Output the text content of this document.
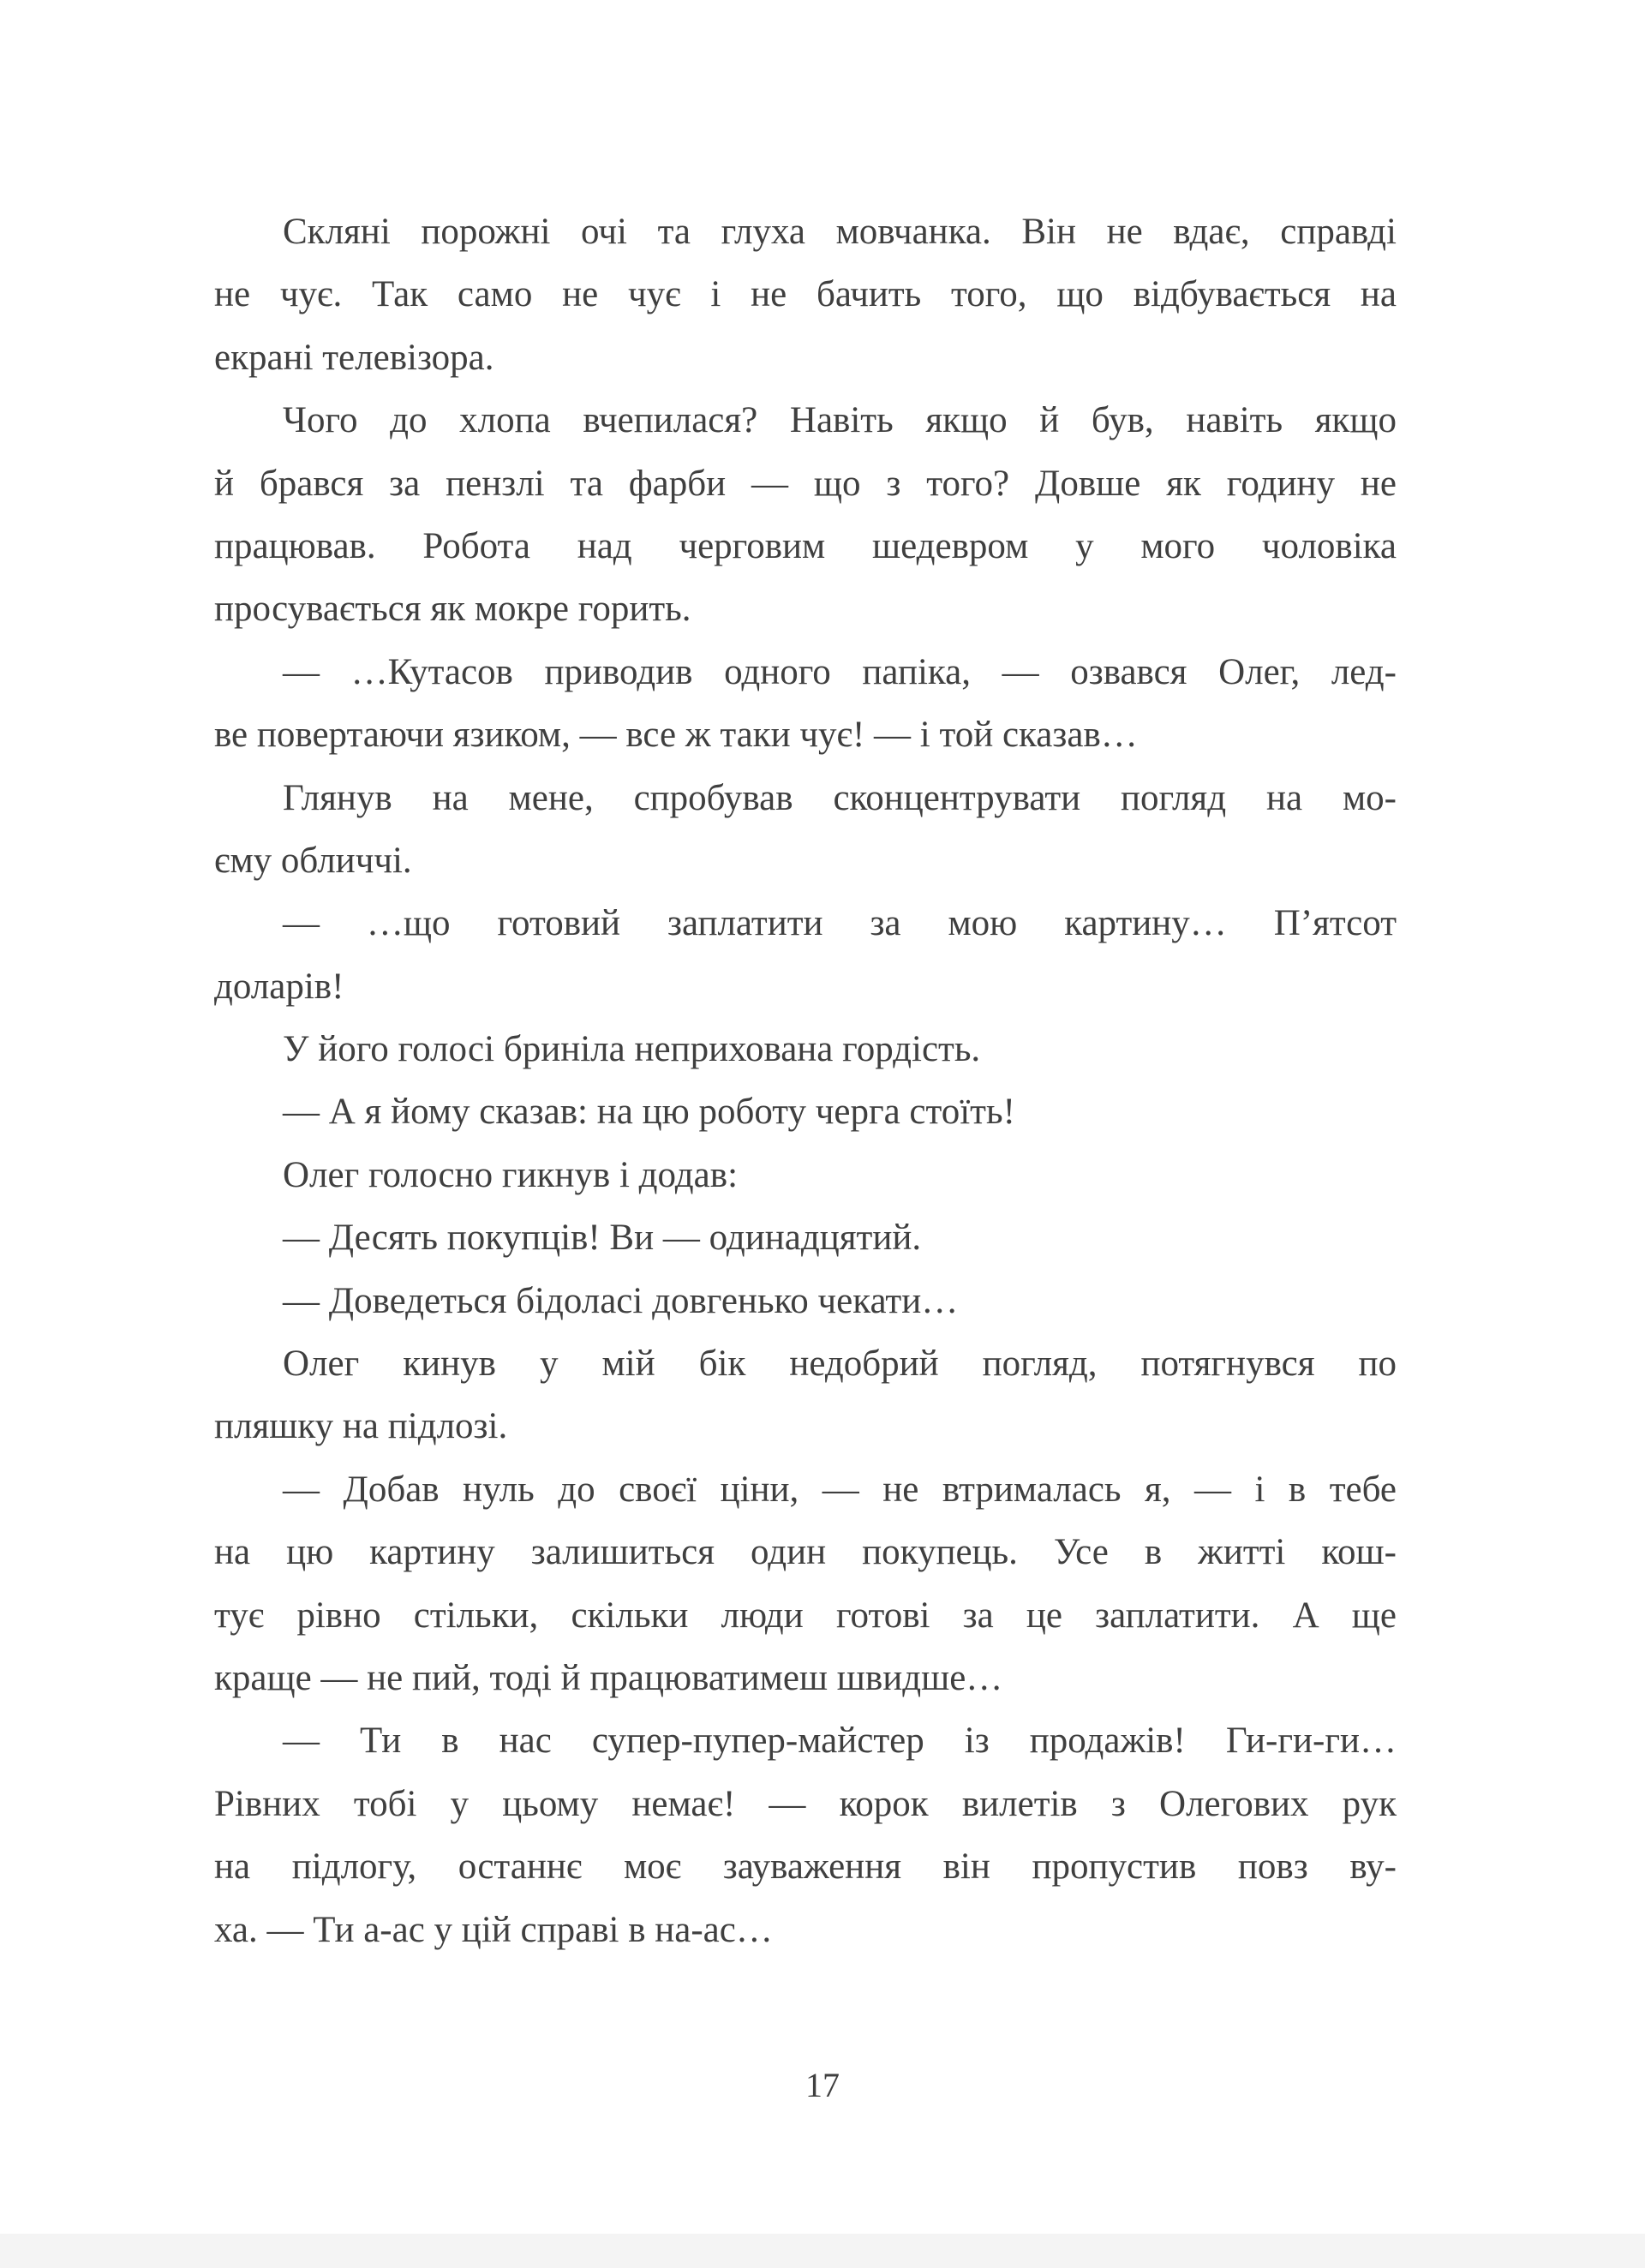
Скляні порожні очі та глуха мовчанка. Він не вдає, справді
не чує. Так само не чує і не бачить того, що відбувається на
екрані телевізора.
Чого до хлопа вчепилася? Навіть якщо й був, навіть якщо
й брався за пензлі та фарби — що з того? Довше як годину не
працював. Робота над черговим шедевром у мого чоловіка
просувається як мокре горить.
— …Кутасов приводив одного папіка, — озвався Олег, лед-
ве повертаючи язиком, — все ж таки чує! — і той сказав…
Глянув на мене, спробував сконцентрувати погляд на мо-
єму обличчі.
— …що готовий заплатити за мою картину… П’ятсот
доларів!
У його голосі бриніла неприхована гордість.
— А я йому сказав: на цю роботу черга стоїть!
Олег голосно гикнув і додав:
— Десять покупців! Ви — одинадцятий.
— Доведеться бідоласі довгенько чекати…
Олег кинув у мій бік недобрий погляд, потягнувся по
пляшку на підлозі.
— Добав нуль до своєї ціни, — не втрималась я, — і в тебе
на цю картину залишиться один покупець. Усе в житті кош-
тує рівно стільки, скільки люди готові за це заплатити. А ще
краще — не пий, тоді й працюватимеш швидше…
— Ти в нас супер-пупер-майстер із продажів! Ги-ги-ги…
Рівних тобі у цьому немає! — корок вилетів з Олегових рук
на підлогу, останнє моє зауваження він пропустив повз ву-
ха. — Ти а-ас у цій справі в на-ас…
17
